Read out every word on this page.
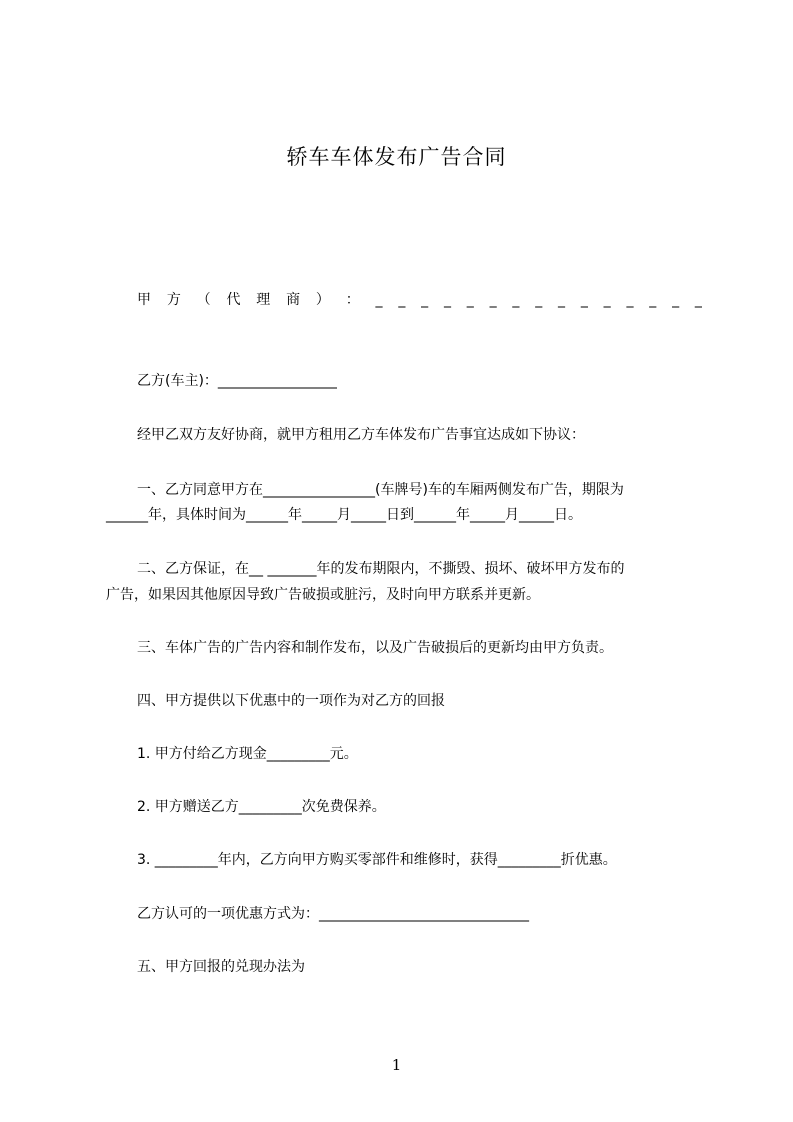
轿车车体发布广告合同
甲 方 （ 代 理 商 ） ： _ _ _ _ _ _ _ _ _ _ _ _ _ _ _
乙方(车主)：_________________
经甲乙双方友好协商，就甲方租用乙方车体发布广告事宜达成如下协议：
一、乙方同意甲方在________________(车牌号)车的车厢两侧发布广告，期限为
______年，具体时间为______年_____月_____日到______年_____月_____日。
二、乙方保证，在__ _______年的发布期限内，不撕毁、损坏、破坏甲方发布的
广告，如果因其他原因导致广告破损或脏污，及时向甲方联系并更新。
三、车体广告的广告内容和制作发布，以及广告破损后的更新均由甲方负责。
四、甲方提供以下优惠中的一项作为对乙方的回报
1. 甲方付给乙方现金_________元。
2. 甲方赠送乙方_________次免费保养。
3. _________年内，乙方向甲方购买零部件和维修时，获得_________折优惠。
乙方认可的一项优惠方式为：______________________________
五、甲方回报的兑现办法为
1
